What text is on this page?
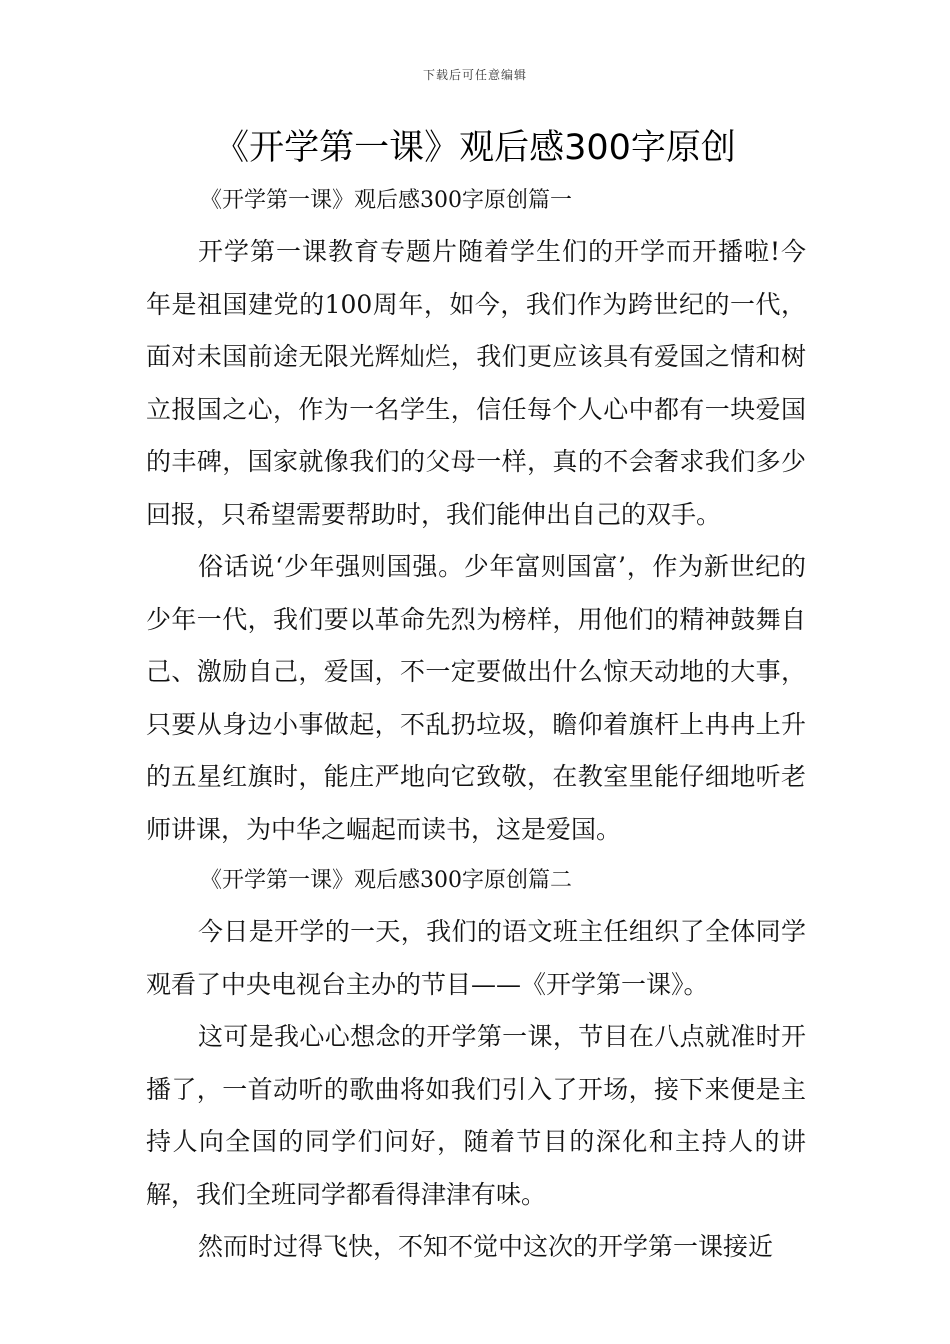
下载后可任意编辑
《开学第一课》观后感300字原创

《开学第一课》观后感300字原创篇一

开学第一课教育专题片随着学生们的开学而开播啦!今年是祖国建党的100周年，如今，我们作为跨世纪的一代，面对未国前途无限光辉灿烂，我们更应该具有爱国之情和树立报国之心，作为一名学生，信任每个人心中都有一块爱国的丰碑，国家就像我们的父母一样，真的不会奢求我们多少回报，只希望需要帮助时，我们能伸出自己的双手。

俗话说‘少年强则国强。少年富则国富’，作为新世纪的少年一代，我们要以革命先烈为榜样，用他们的精神鼓舞自己、激励自己，爱国，不一定要做出什么惊天动地的大事，只要从身边小事做起，不乱扔垃圾，瞻仰着旗杆上冉冉上升的五星红旗时，能庄严地向它致敬，在教室里能仔细地听老师讲课，为中华之崛起而读书，这是爱国。

《开学第一课》观后感300字原创篇二

今日是开学的一天，我们的语文班主任组织了全体同学观看了中央电视台主办的节目——《开学第一课》。

这可是我心心想念的开学第一课，节目在八点就准时开播了，一首动听的歌曲将如我们引入了开场，接下来便是主持人向全国的同学们问好，随着节目的深化和主持人的讲解，我们全班同学都看得津津有味。

然而时过得飞快，不知不觉中这次的开学第一课接近
